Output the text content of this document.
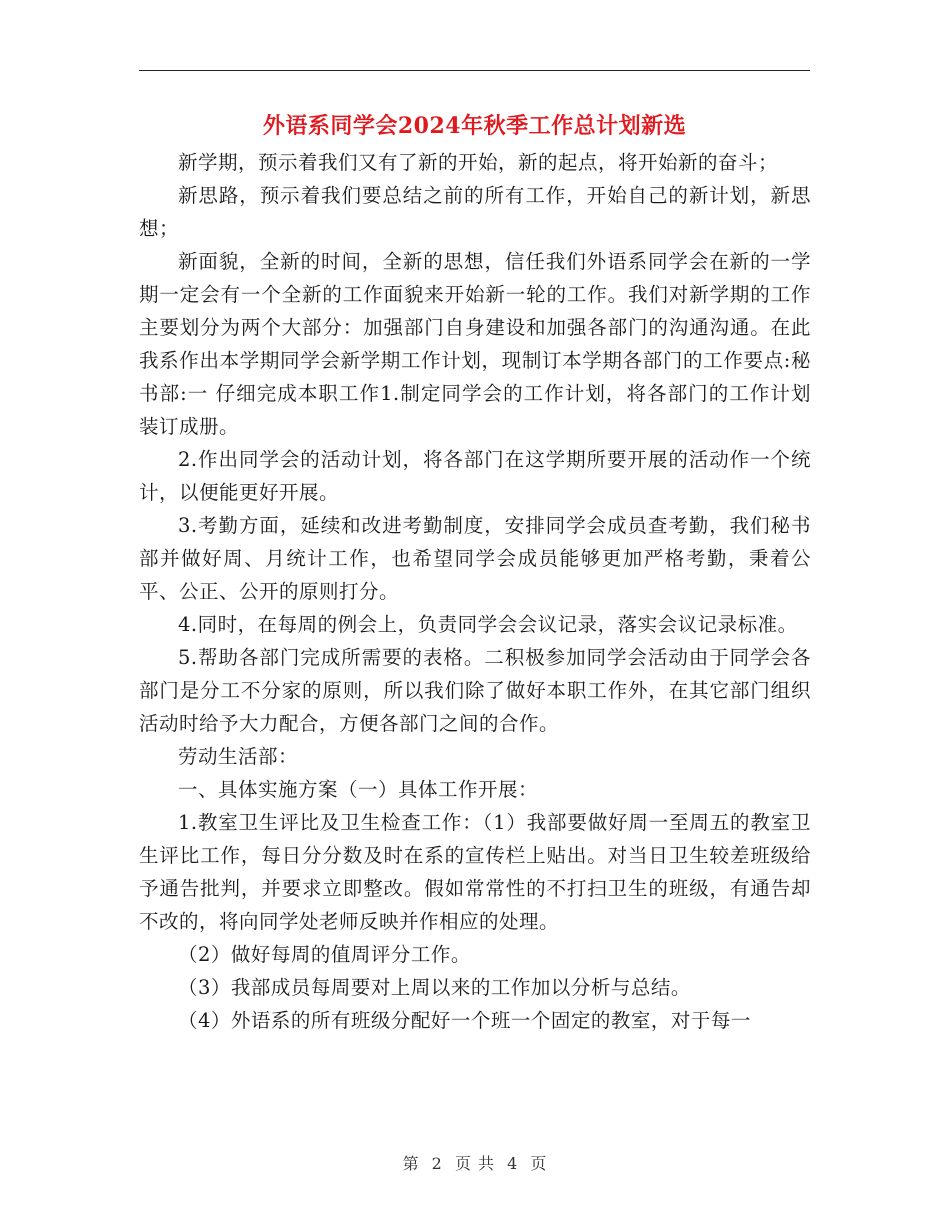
外语系同学会2024年秋季工作总计划新选

新学期，预示着我们又有了新的开始，新的起点，将开始新的奋斗；

新思路，预示着我们要总结之前的所有工作，开始自己的新计划，新思想；

新面貌，全新的时间，全新的思想，信任我们外语系同学会在新的一学期一定会有一个全新的工作面貌来开始新一轮的工作。我们对新学期的工作主要划分为两个大部分：加强部门自身建设和加强各部门的沟通沟通。在此我系作出本学期同学会新学期工作计划，现制订本学期各部门的工作要点:秘书部:一 仔细完成本职工作1.制定同学会的工作计划，将各部门的工作计划装订成册。

2.作出同学会的活动计划，将各部门在这学期所要开展的活动作一个统计，以便能更好开展。

3.考勤方面，延续和改进考勤制度，安排同学会成员查考勤，我们秘书部并做好周、月统计工作，也希望同学会成员能够更加严格考勤，秉着公平、公正、公开的原则打分。

4.同时，在每周的例会上，负责同学会会议记录，落实会议记录标准。

5.帮助各部门完成所需要的表格。二积极参加同学会活动由于同学会各部门是分工不分家的原则，所以我们除了做好本职工作外，在其它部门组织活动时给予大力配合，方便各部门之间的合作。

劳动生活部：

一、具体实施方案（一）具体工作开展：

1.教室卫生评比及卫生检查工作：（1）我部要做好周一至周五的教室卫生评比工作，每日分分数及时在系的宣传栏上贴出。对当日卫生较差班级给予通告批判，并要求立即整改。假如常常性的不打扫卫生的班级，有通告却不改的，将向同学处老师反映并作相应的处理。

（2）做好每周的值周评分工作。

（3）我部成员每周要对上周以来的工作加以分析与总结。

（4）外语系的所有班级分配好一个班一个固定的教室，对于每一

第 2 页 共 4 页
